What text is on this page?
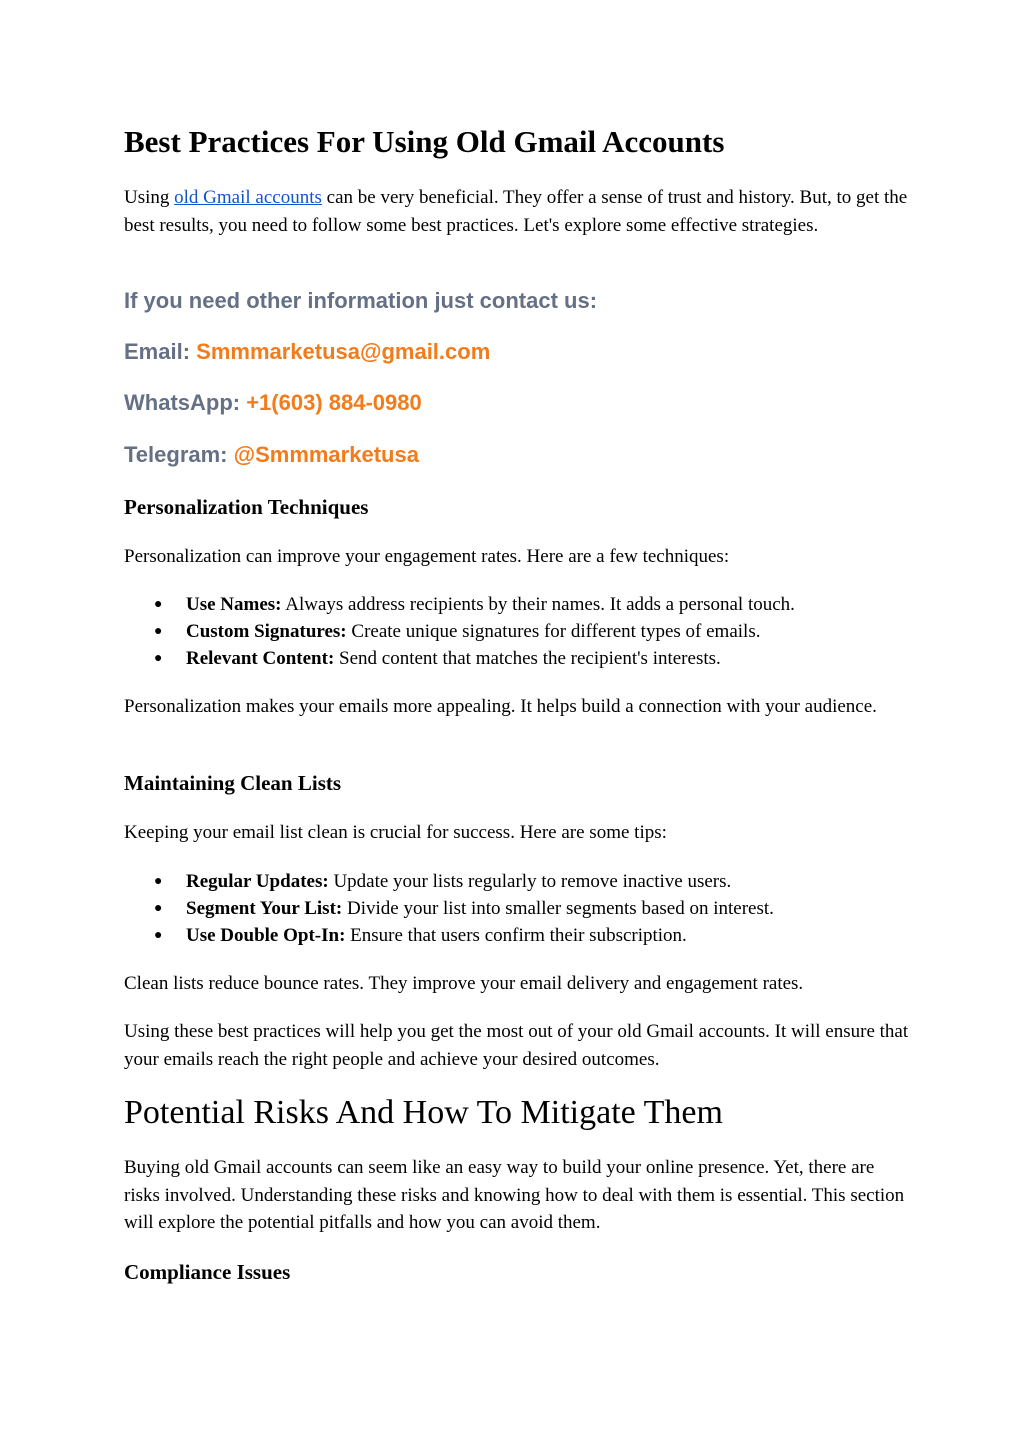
Best Practices For Using Old Gmail Accounts

Using old Gmail accounts can be very beneficial. They offer a sense of trust and history. But, to get the best results, you need to follow some best practices. Let's explore some effective strategies.

If you need other information just contact us:

Email: Smmmarketusa@gmail.com

WhatsApp: +1(603) 884-0980

Telegram: @Smmmarketusa

Personalization Techniques

Personalization can improve your engagement rates. Here are a few techniques:

● Use Names: Always address recipients by their names. It adds a personal touch.
● Custom Signatures: Create unique signatures for different types of emails.
● Relevant Content: Send content that matches the recipient's interests.

Personalization makes your emails more appealing. It helps build a connection with your audience.

Maintaining Clean Lists

Keeping your email list clean is crucial for success. Here are some tips:

● Regular Updates: Update your lists regularly to remove inactive users.
● Segment Your List: Divide your list into smaller segments based on interest.
● Use Double Opt-In: Ensure that users confirm their subscription.

Clean lists reduce bounce rates. They improve your email delivery and engagement rates.

Using these best practices will help you get the most out of your old Gmail accounts. It will ensure that your emails reach the right people and achieve your desired outcomes.

Potential Risks And How To Mitigate Them

Buying old Gmail accounts can seem like an easy way to build your online presence. Yet, there are risks involved. Understanding these risks and knowing how to deal with them is essential. This section will explore the potential pitfalls and how you can avoid them.

Compliance Issues
